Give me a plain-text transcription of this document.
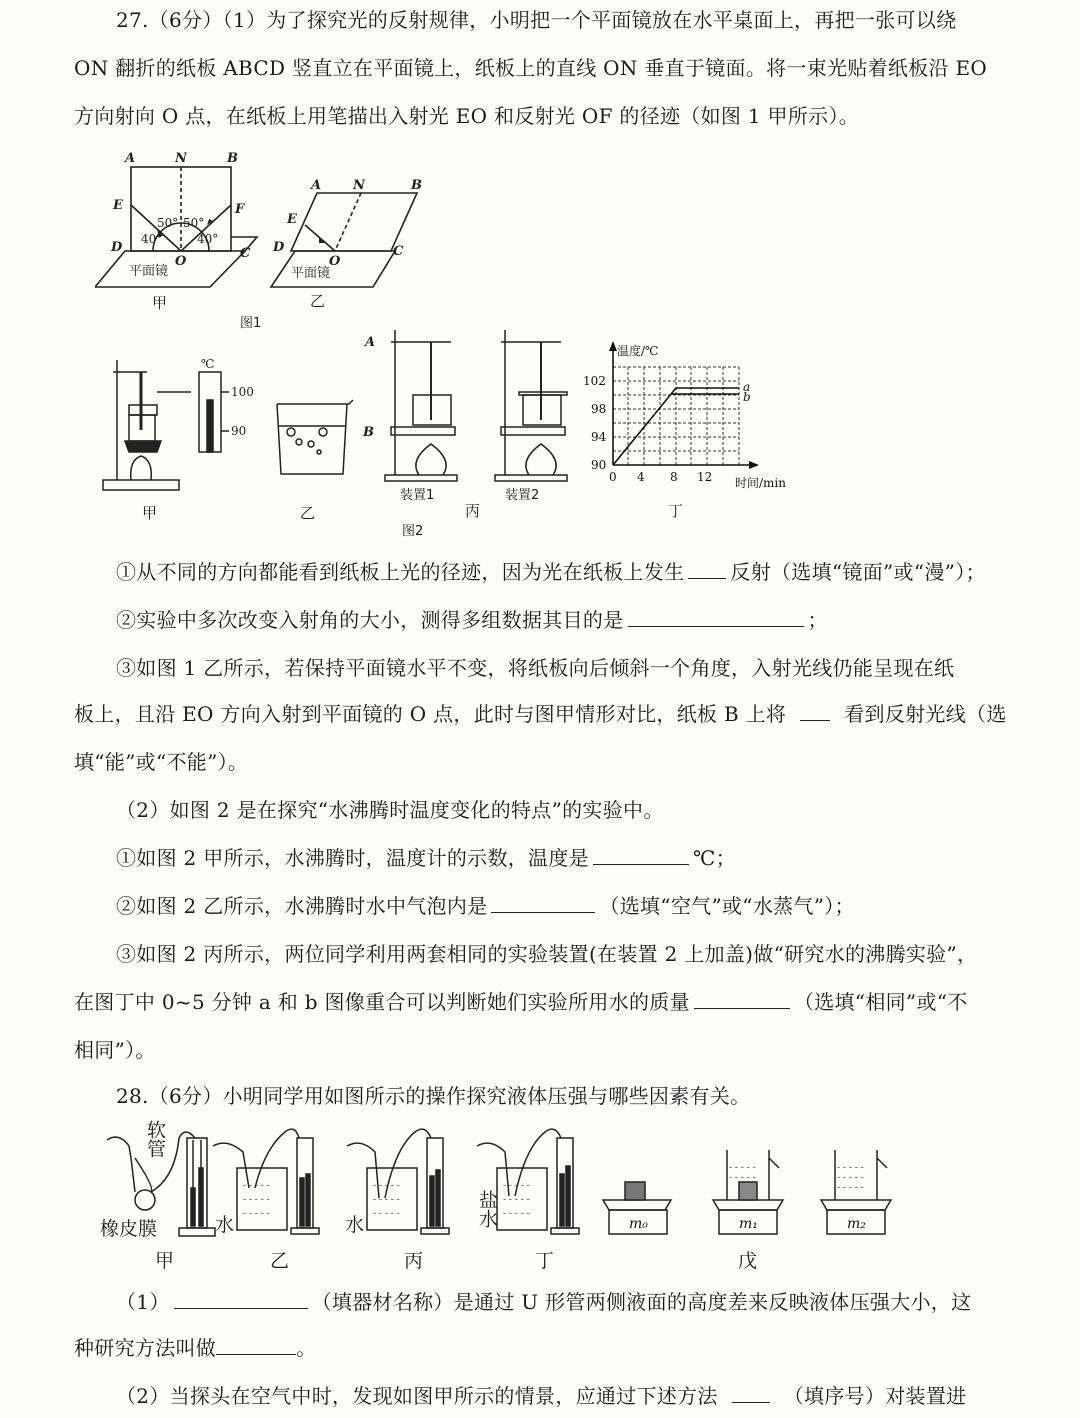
27.（6分）（1）为了探究光的反射规律，小明把一个平面镜放在水平桌面上，再把一张可以绕
ON 翻折的纸板 ABCD 竖直立在平面镜上，纸板上的直线 ON 垂直于镜面。将一束光贴着纸板沿 EO
方向射向 O 点，在纸板上用笔描出入射光 EO 和反射光 OF 的径迹（如图 1 甲所示）。
A	N	B
E	F
D	C
O
A N	B
E
D	C
O
50° 50°
40°	40°
平面镜	平面镜
甲	乙
图1
℃
100
90
A
B
甲	乙
装置1	装置2
丙
图2
温度/℃
102
98
94
90
0 4 8 12 时间/min
a
b
丁
①从不同的方向都能看到纸板上光的径迹，因为光在纸板上发生 反射（选填“镜面”或“漫”）；
②实验中多次改变入射角的大小，测得多组数据其目的是	；
③如图 1 乙所示，若保持平面镜水平不变，将纸板向后倾斜一个角度，入射光线仍能呈现在纸
板上，且沿 EO 方向入射到平面镜的 O 点，此时与图甲情形对比，纸板 B 上将	看到反射光线（选
填“能”或“不能”）。
（2）如图 2 是在探究“水沸腾时温度变化的特点”的实验中。
①如图 2 甲所示，水沸腾时，温度计的示数，温度是	℃；
②如图 2 乙所示，水沸腾时水中气泡内是	（选填“空气”或“水蒸气”）；
③如图 2 丙所示，两位同学利用两套相同的实验装置(在装置 2 上加盖)做“研究水的沸腾实验”，
在图丁中 0~5 分钟 a 和 b 图像重合可以判断她们实验所用水的质量	（选填“相同”或“不
相同”）。
28.（6分）小明同学用如图所示的操作探究液体压强与哪些因素有关。
- - - - -
- - - - -
- - - - -
- - - - -
- - - - -
- - - - -
- - - - -
- - - - -
- - - - -
- - - - -
- - - - -
- - - - -
- - - - -
- - - - -
m₀	m₁	m₂
软管
橡皮膜	水	水	盐水
甲	乙	丙	丁	戊
（1）	（填器材名称）是通过 U 形管两侧液面的高度差来反映液体压强大小，这
种研究方法叫做	。
（2）当探头在空气中时，发现如图甲所示的情景，应通过下述方法	（填序号）对装置进
